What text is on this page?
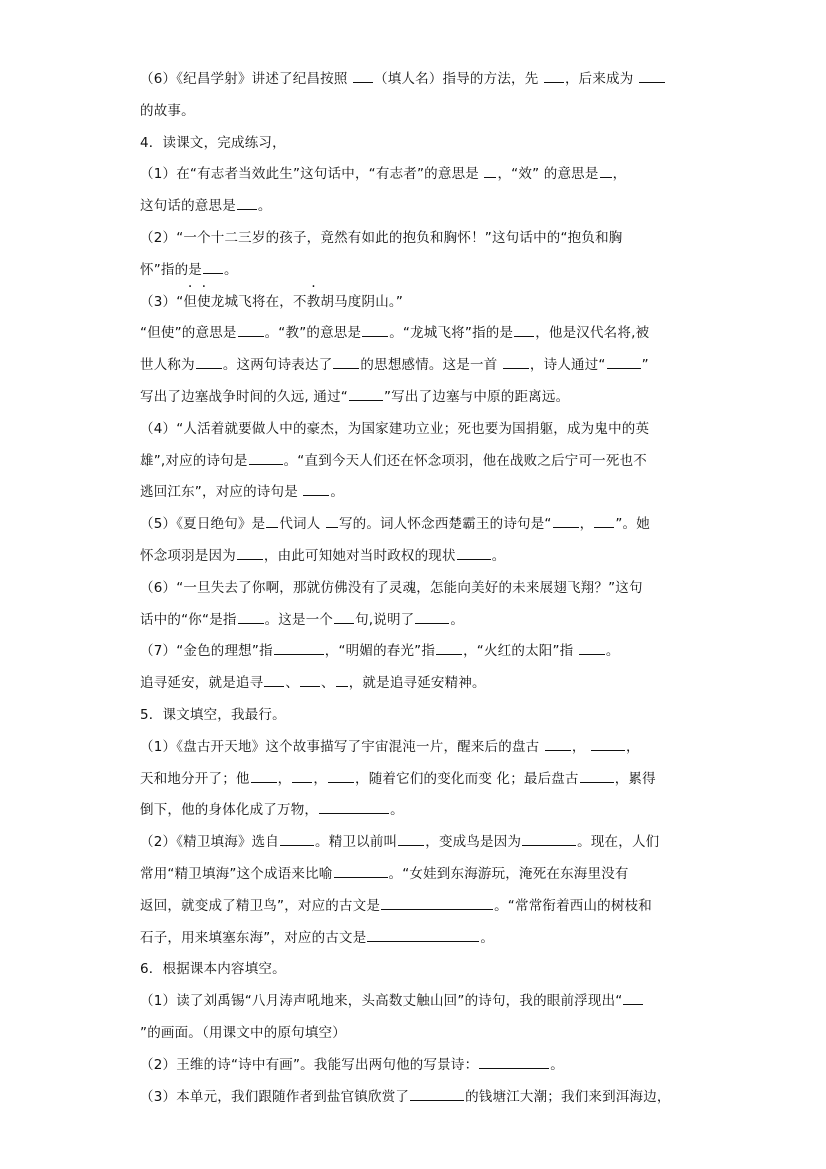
（6）《纪昌学射》讲述了纪昌按照 （填人名）指导的方法，先 ，后来成为
的故事。
4．读课文，完成练习，
（1）在“有志者当效此生”这句话中，“有志者”的意思是 ，“效” 的意思是 ，
这句话的意思是 。
（2）“一个十二三岁的孩子，竟然有如此的抱负和胸怀！”这句话中的“抱负和胸
怀”指的是 。
（3）“但使龙城飞将在，不教胡马度阴山。”
“但使”的意思是 。“教”的意思是 。“龙城飞将”指的是 ，他是汉代名将,被
世人称为 。这两句诗表达了 的思想感情。这是一首 ，诗人通过“	”
写出了边塞战争时间的久远, 通过“	”写出了边塞与中原的距离远。
（4）“人活着就要做人中的豪杰，为国家建功立业；死也要为国捐躯，成为鬼中的英
雄”,对应的诗句是	。“直到今天人们还在怀念项羽，他在战败之后宁可一死也不
逃回江东”，对应的诗句是 。
（5）《夏日绝句》是 代词人 写的。词人怀念西楚霸王的诗句是“ ， ”。她
怀念项羽是因为 ，由此可知她对当时政权的现状	。
（6）“一旦失去了你啊，那就仿佛没有了灵魂，怎能向美好的未来展翅飞翔？”这句
话中的“你“是指 。这是一个 句,说明了	。
（7）“金色的理想”指	，“明媚的春光”指 ，“火红的太阳”指 。
追寻延安，就是追寻 、 、 ，就是追寻延安精神。
5．课文填空，我最行。
（1）《盘古开天地》这个故事描写了宇宙混沌一片，醒来后的盘古 ，	，
天和地分开了；他 ， ， ，随着它们的变化而变 化；最后盘古	，累得
倒下，他的身体化成了万物，	。
（2）《精卫填海》选自	。精卫以前叫 ，变成鸟是因为	。现在，人们
常用“精卫填海”这个成语来比喻	。“女娃到东海游玩，淹死在东海里没有
返回，就变成了精卫鸟”，对应的古文是	。“常常衔着西山的树枝和
石子，用来填塞东海”，对应的古文是	。
6．根据课本内容填空。
（1）读了刘禹锡“八月涛声吼地来，头高数丈触山回”的诗句，我的眼前浮现出“
”的画面。（用课文中的原句填空）
（2）王维的诗“诗中有画”。我能写出两句他的写景诗：	。
（3）本单元，我们跟随作者到盐官镇欣赏了	的钱塘江大潮；我们来到洱海边，
